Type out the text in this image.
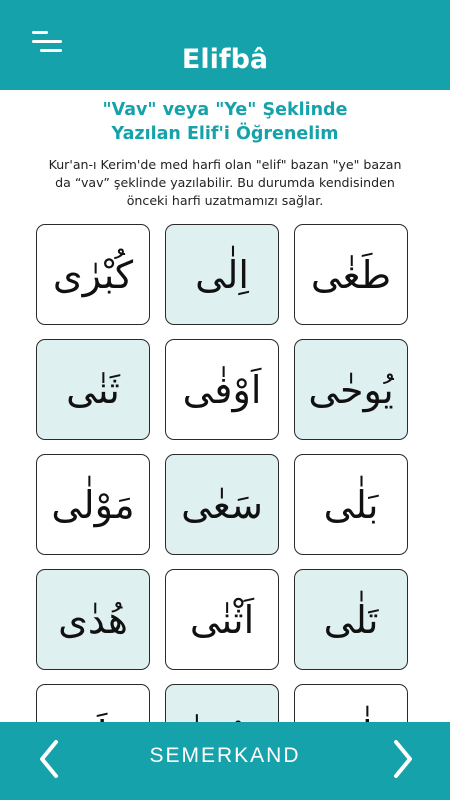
Elifbâ
"Vav" veya "Ye" Şeklinde
Yazılan Elif'i Öğrenelim
Kur'an-ı Kerim'de med harfi olan "elif" bazan "ye" bazan
da “vav” şeklinde yazılabilir. Bu durumda kendisinden
önceki harfi uzatmamızı sağlar.
كُبْرٰى اِلٰى طَغٰى
ثَنٰى اَوْفٰى يُوحٰى
مَوْلٰى سَعٰى بَلٰى
هُدٰى اَثْنٰى تَلٰى
SEMERKAND
